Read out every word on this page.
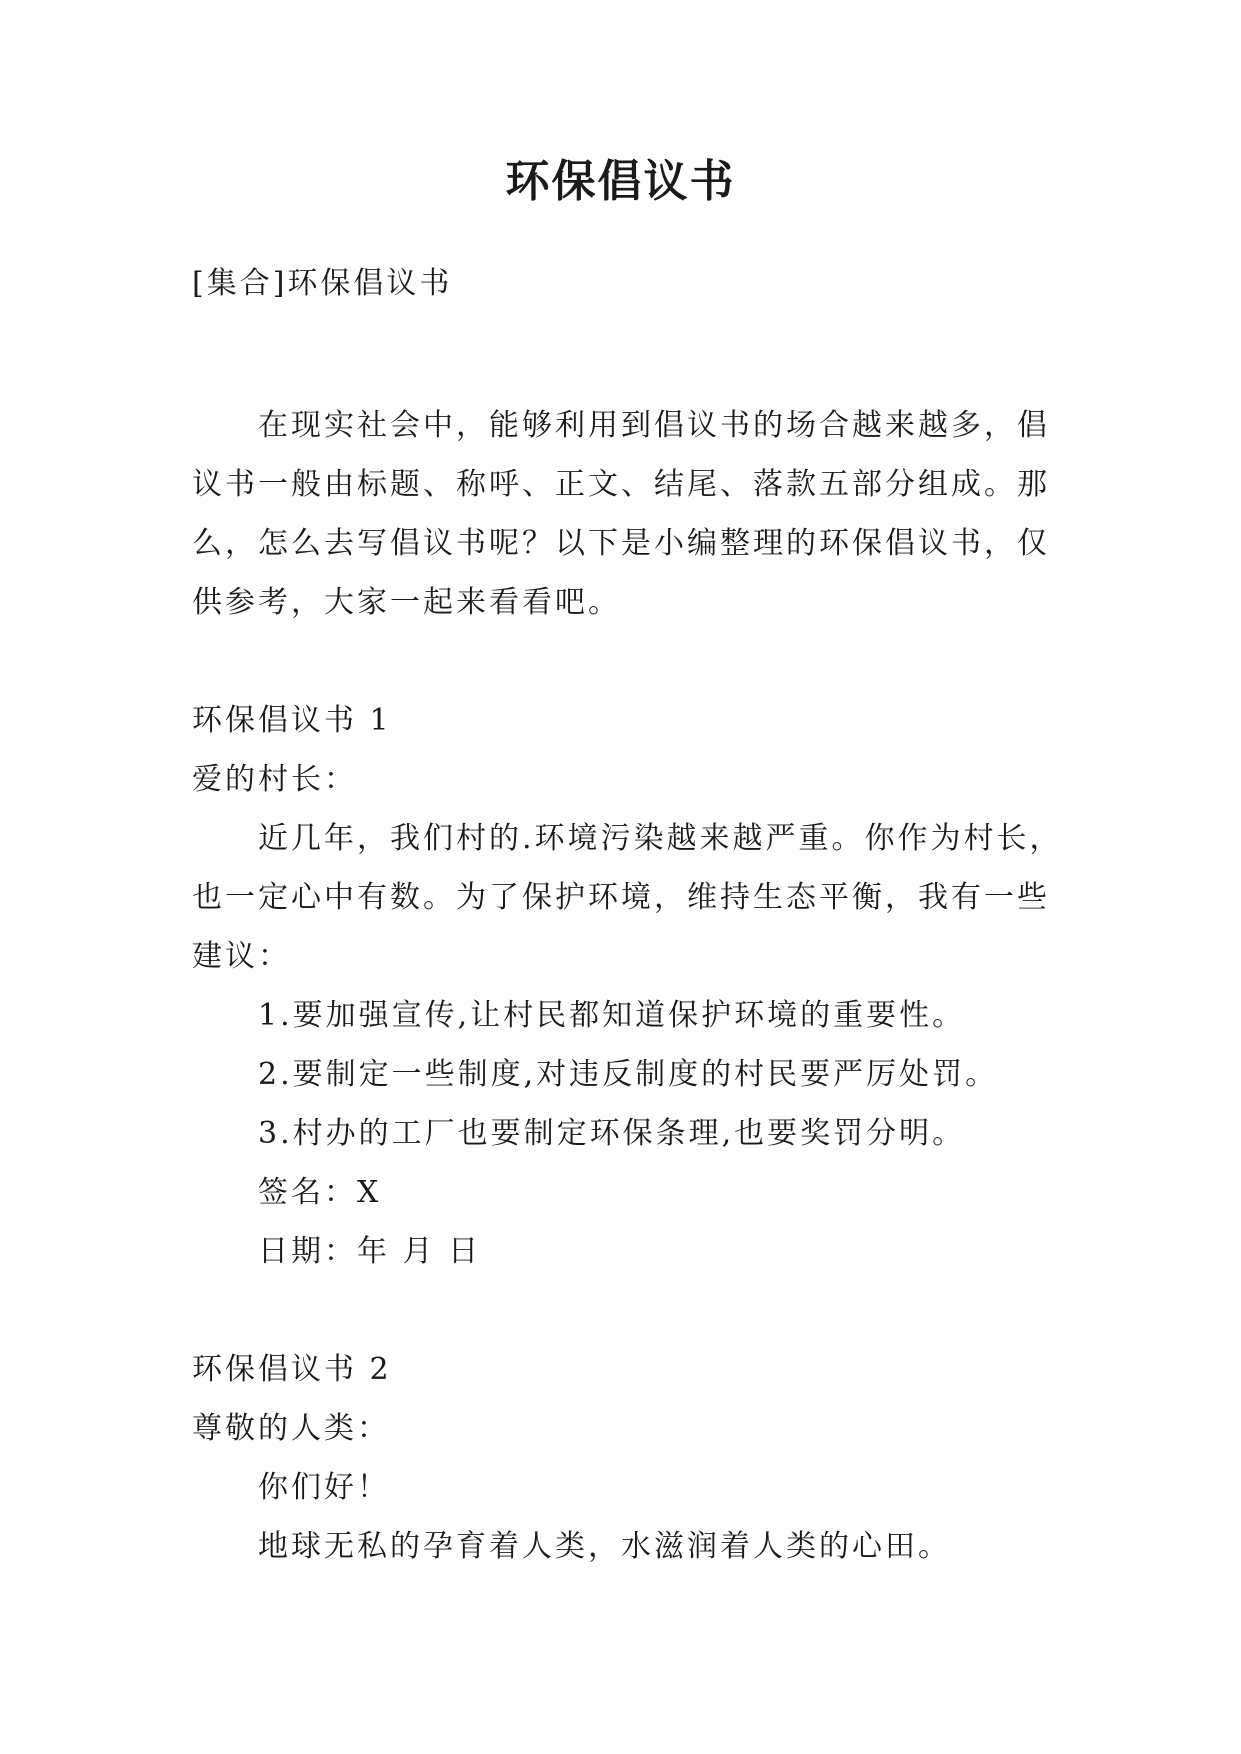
环保倡议书
[集合]环保倡议书
在现实社会中，能够利用到倡议书的场合越来越多，倡
议书一般由标题、称呼、正文、结尾、落款五部分组成。那
么，怎么去写倡议书呢？以下是小编整理的环保倡议书，仅
供参考，大家一起来看看吧。
环保倡议书 1
爱的村长：
近几年，我们村的.环境污染越来越严重。你作为村长，
也一定心中有数。为了保护环境，维持生态平衡，我有一些
建议：
1.要加强宣传,让村民都知道保护环境的重要性。
2.要制定一些制度,对违反制度的村民要严厉处罚。
3.村办的工厂也要制定环保条理,也要奖罚分明。
签名：X
日期：年 月 日
环保倡议书 2
尊敬的人类：
你们好！
地球无私的孕育着人类，水滋润着人类的心田。
